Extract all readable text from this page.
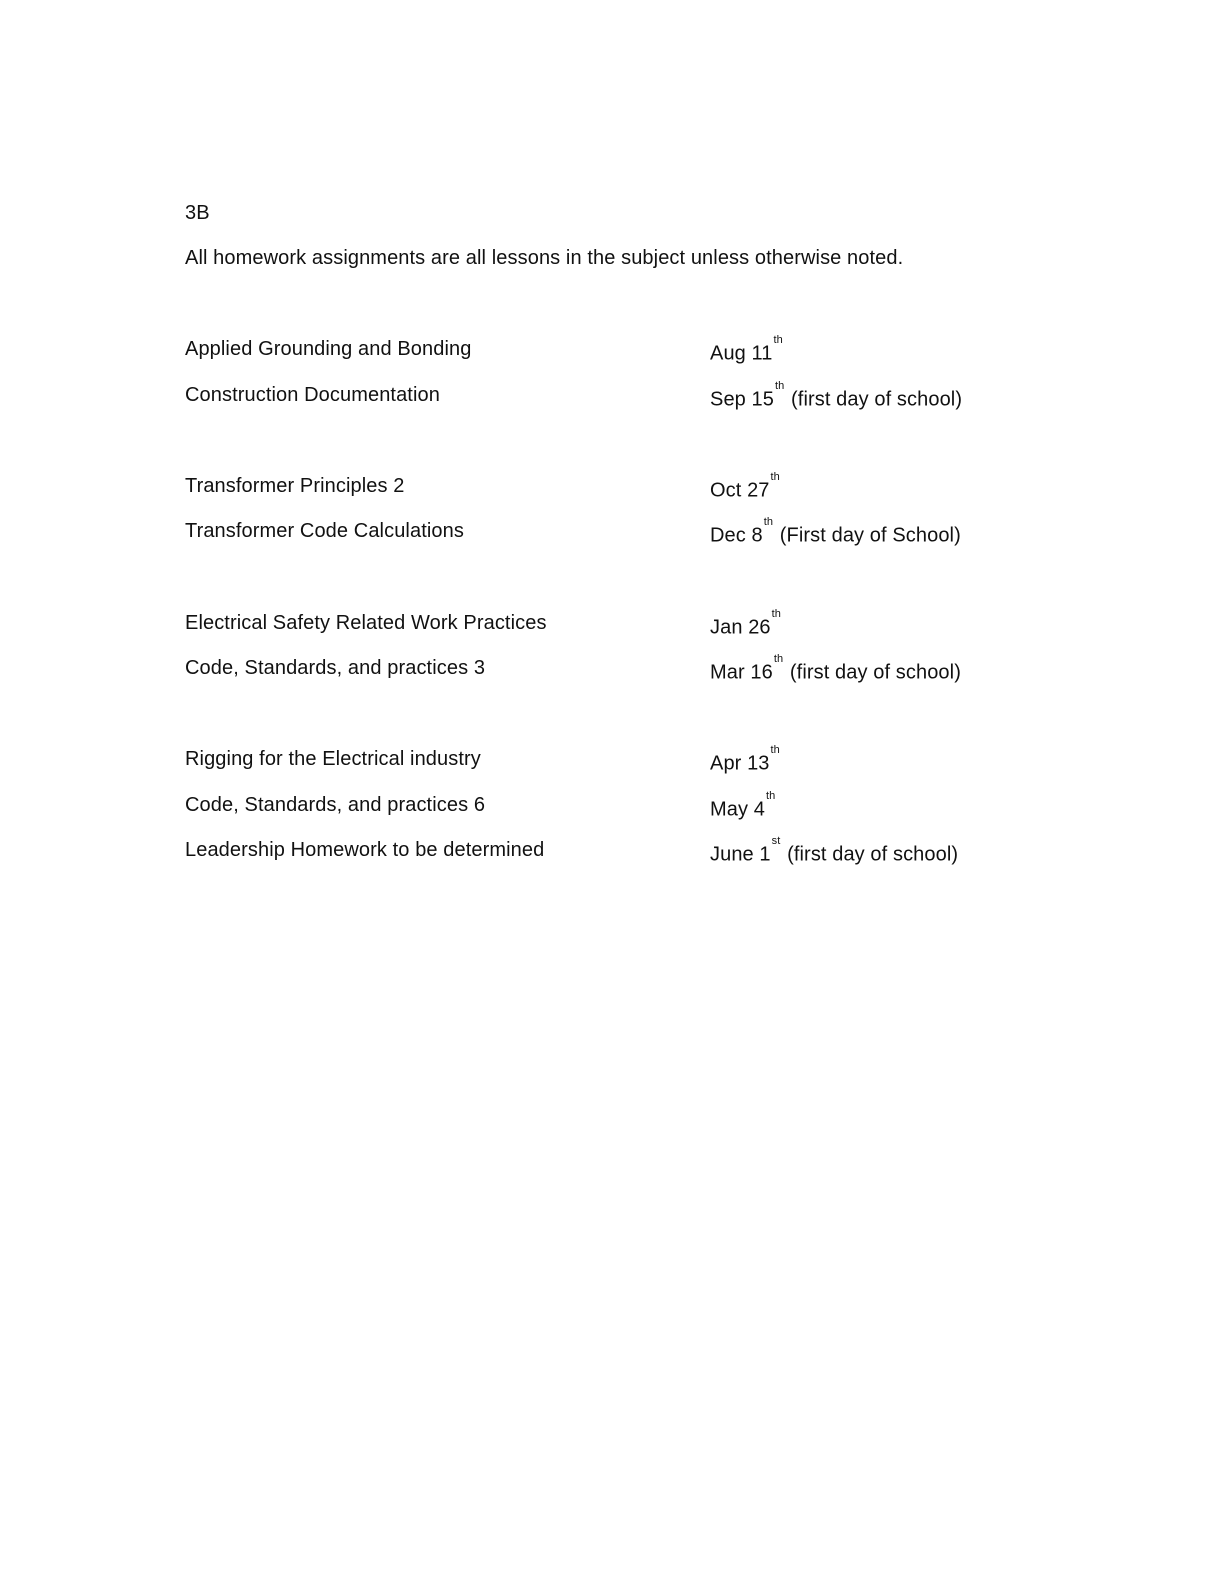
3B
All homework assignments are all lessons in the subject unless otherwise noted.
Applied Grounding and Bonding	Aug 11th
Construction Documentation	Sep 15th (first day of school)
Transformer Principles 2	Oct 27th
Transformer Code Calculations	Dec 8th (First day of School)
Electrical Safety Related Work Practices	Jan 26th
Code, Standards, and practices 3	Mar 16th (first day of school)
Rigging for the Electrical industry	Apr 13th
Code, Standards, and practices 6	May 4th
Leadership Homework to be determined	June 1st (first day of school)
